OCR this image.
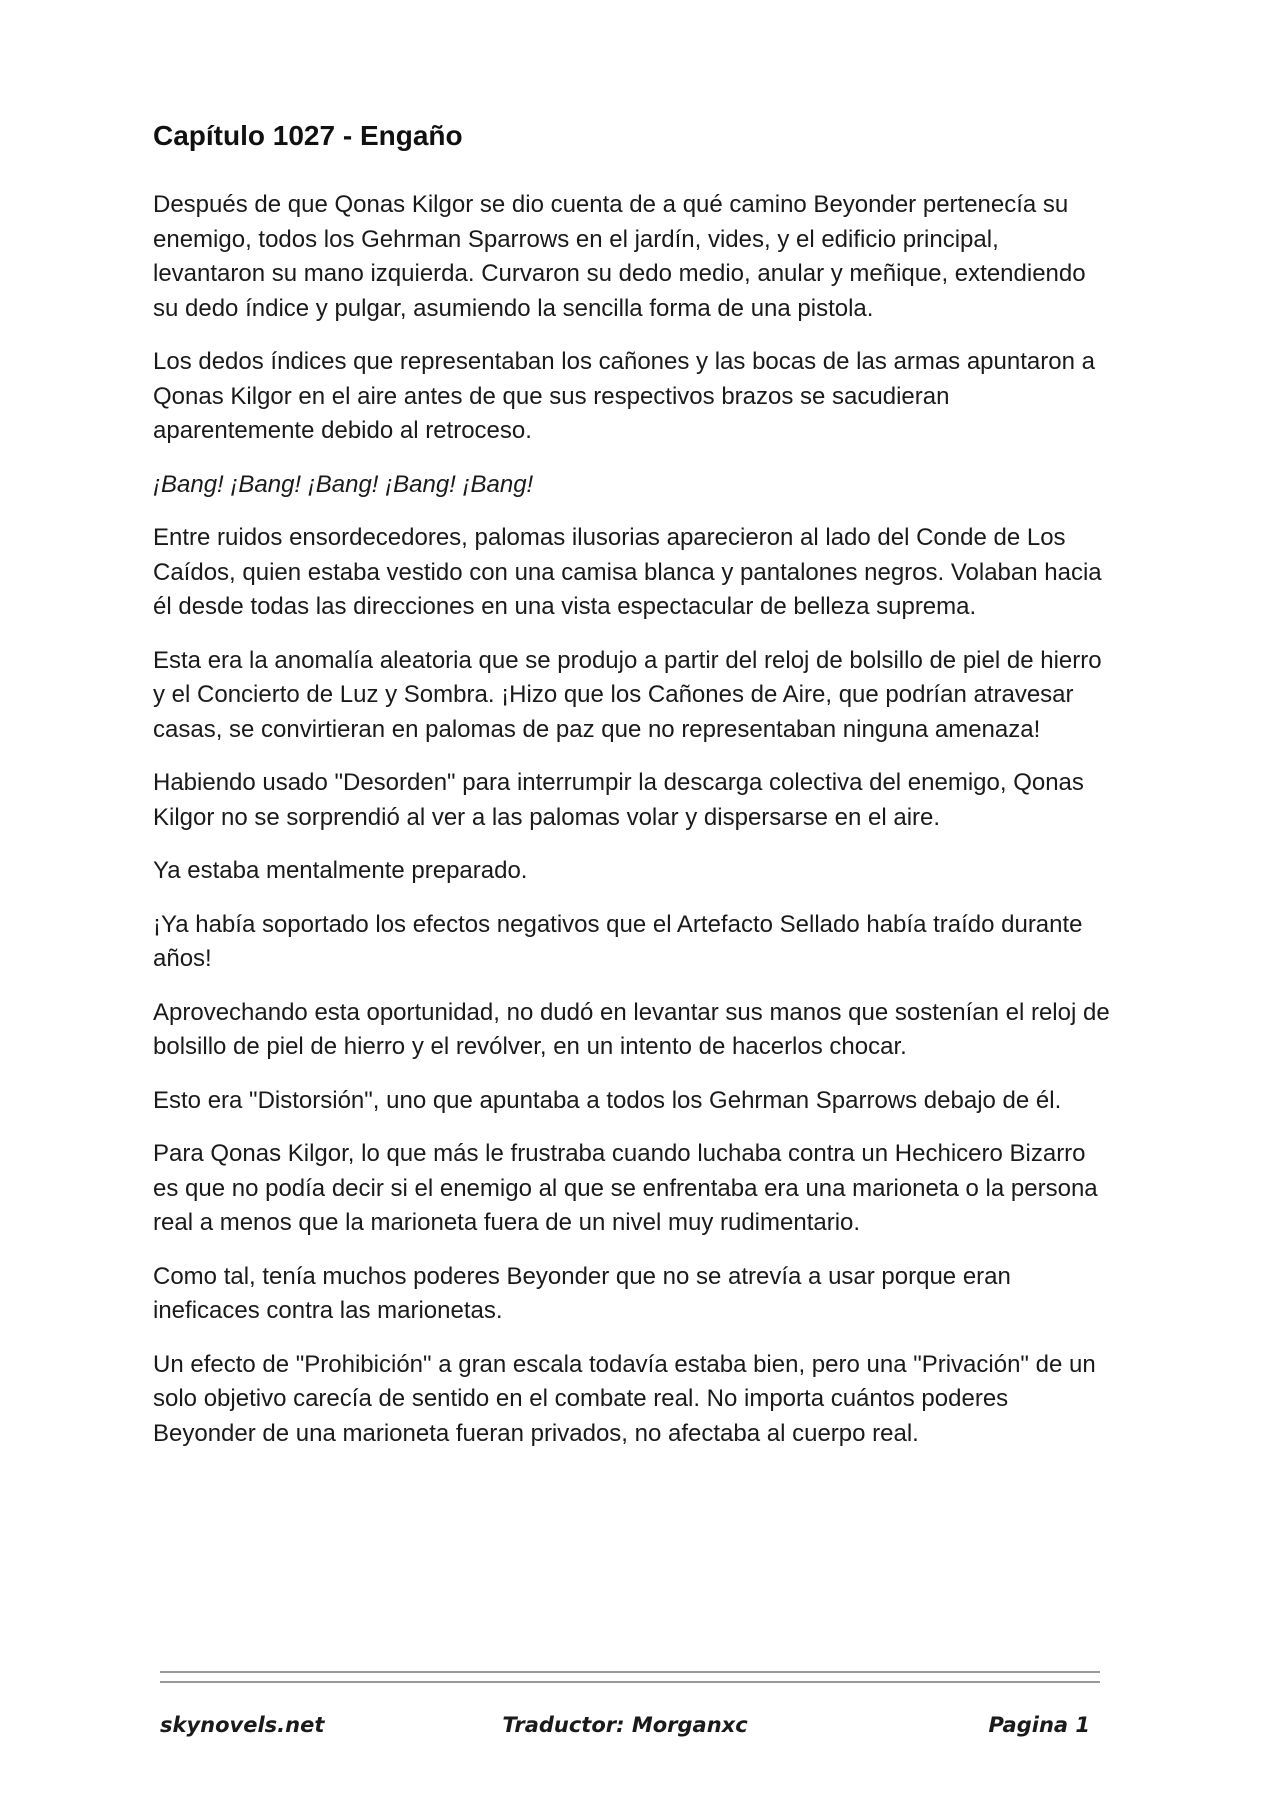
Capítulo 1027 - Engaño

Después de que Qonas Kilgor se dio cuenta de a qué camino Beyonder pertenecía su enemigo, todos los Gehrman Sparrows en el jardín, vides, y el edificio principal, levantaron su mano izquierda. Curvaron su dedo medio, anular y meñique, extendiendo su dedo índice y pulgar, asumiendo la sencilla forma de una pistola.

Los dedos índices que representaban los cañones y las bocas de las armas apuntaron a Qonas Kilgor en el aire antes de que sus respectivos brazos se sacudieran aparentemente debido al retroceso.

¡Bang! ¡Bang! ¡Bang! ¡Bang! ¡Bang!

Entre ruidos ensordecedores, palomas ilusorias aparecieron al lado del Conde de Los Caídos, quien estaba vestido con una camisa blanca y pantalones negros. Volaban hacia él desde todas las direcciones en una vista espectacular de belleza suprema.

Esta era la anomalía aleatoria que se produjo a partir del reloj de bolsillo de piel de hierro y el Concierto de Luz y Sombra. ¡Hizo que los Cañones de Aire, que podrían atravesar casas, se convirtieran en palomas de paz que no representaban ninguna amenaza!

Habiendo usado "Desorden" para interrumpir la descarga colectiva del enemigo, Qonas Kilgor no se sorprendió al ver a las palomas volar y dispersarse en el aire.

Ya estaba mentalmente preparado.

¡Ya había soportado los efectos negativos que el Artefacto Sellado había traído durante años!

Aprovechando esta oportunidad, no dudó en levantar sus manos que sostenían el reloj de bolsillo de piel de hierro y el revólver, en un intento de hacerlos chocar.

Esto era "Distorsión", uno que apuntaba a todos los Gehrman Sparrows debajo de él.

Para Qonas Kilgor, lo que más le frustraba cuando luchaba contra un Hechicero Bizarro es que no podía decir si el enemigo al que se enfrentaba era una marioneta o la persona real a menos que la marioneta fuera de un nivel muy rudimentario.

Como tal, tenía muchos poderes Beyonder que no se atrevía a usar porque eran ineficaces contra las marionetas.

Un efecto de "Prohibición" a gran escala todavía estaba bien, pero una "Privación" de un solo objetivo carecía de sentido en el combate real. No importa cuántos poderes Beyonder de una marioneta fueran privados, no afectaba al cuerpo real.

skynovels.net	Traductor: Morganxc	Pagina 1
